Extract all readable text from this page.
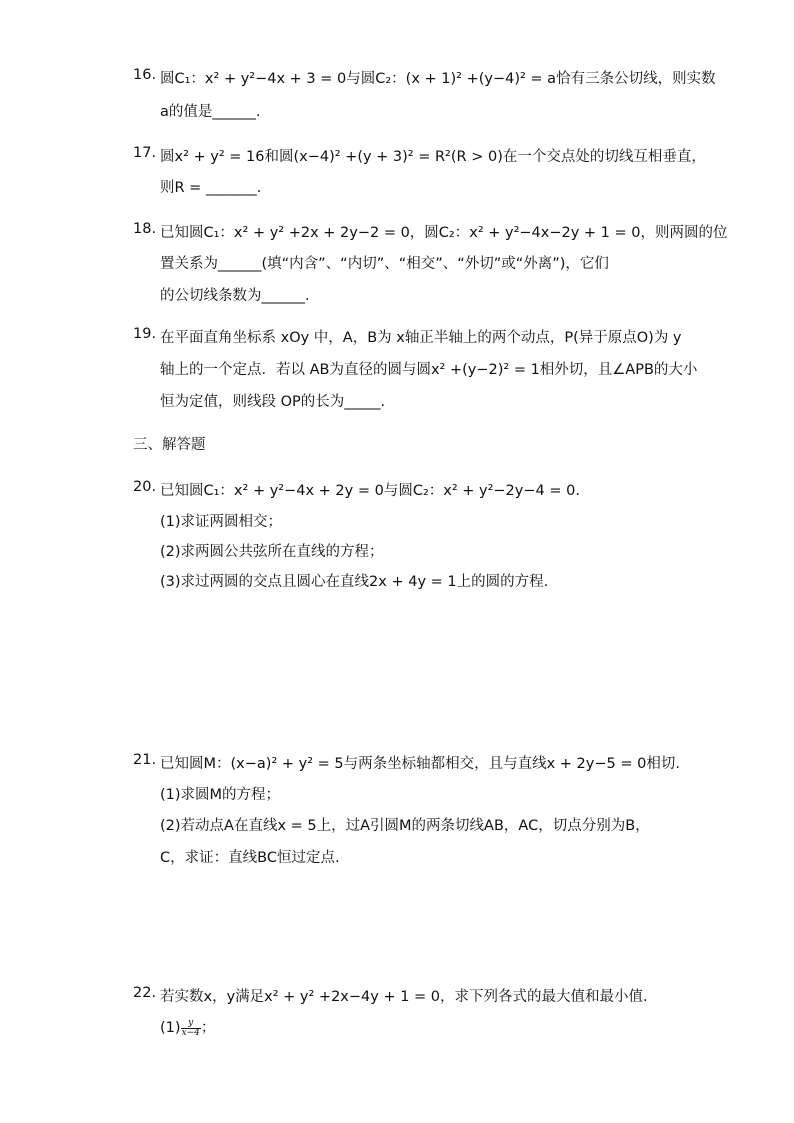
16. 圆C₁：x² + y²−4x + 3 = 0与圆C₂：(x + 1)² +(y−4)² = a恰有三条公切线，则实数
a的值是______.
17. 圆x² + y² = 16和圆(x−4)² +(y + 3)² = R²(R > 0)在一个交点处的切线互相垂直，
则R = _______.
18. 已知圆C₁：x² + y² +2x + 2y−2 = 0，圆C₂：x² + y²−4x−2y + 1 = 0，则两圆的位
置关系为______(填“内含”、“内切”、“相交”、“外切”或“外离”)，它们
的公切线条数为______.
19. 在平面直角坐标系 xOy 中，A，B为 x轴正半轴上的两个动点，P(异于原点O)为 y
轴上的一个定点．若以 AB为直径的圆与圆x² +(y−2)² = 1相外切，且∠APB的大小
恒为定值，则线段 OP的长为_____.
三、解答题
20. 已知圆C₁：x² + y²−4x + 2y = 0与圆C₂：x² + y²−2y−4 = 0.
(1)求证两圆相交；
(2)求两圆公共弦所在直线的方程；
(3)求过两圆的交点且圆心在直线2x + 4y = 1上的圆的方程.
21. 已知圆M：(x−a)² + y² = 5与两条坐标轴都相交，且与直线x + 2y−5 = 0相切.
(1)求圆M的方程；
(2)若动点A在直线x = 5上，过A引圆M的两条切线AB，AC，切点分别为B，
C，求证：直线BC恒过定点.
22. 若实数x，y满足x² + y² +2x−4y + 1 = 0，求下列各式的最大值和最小值.
$(1) \frac{y}{x-4}$ ；
